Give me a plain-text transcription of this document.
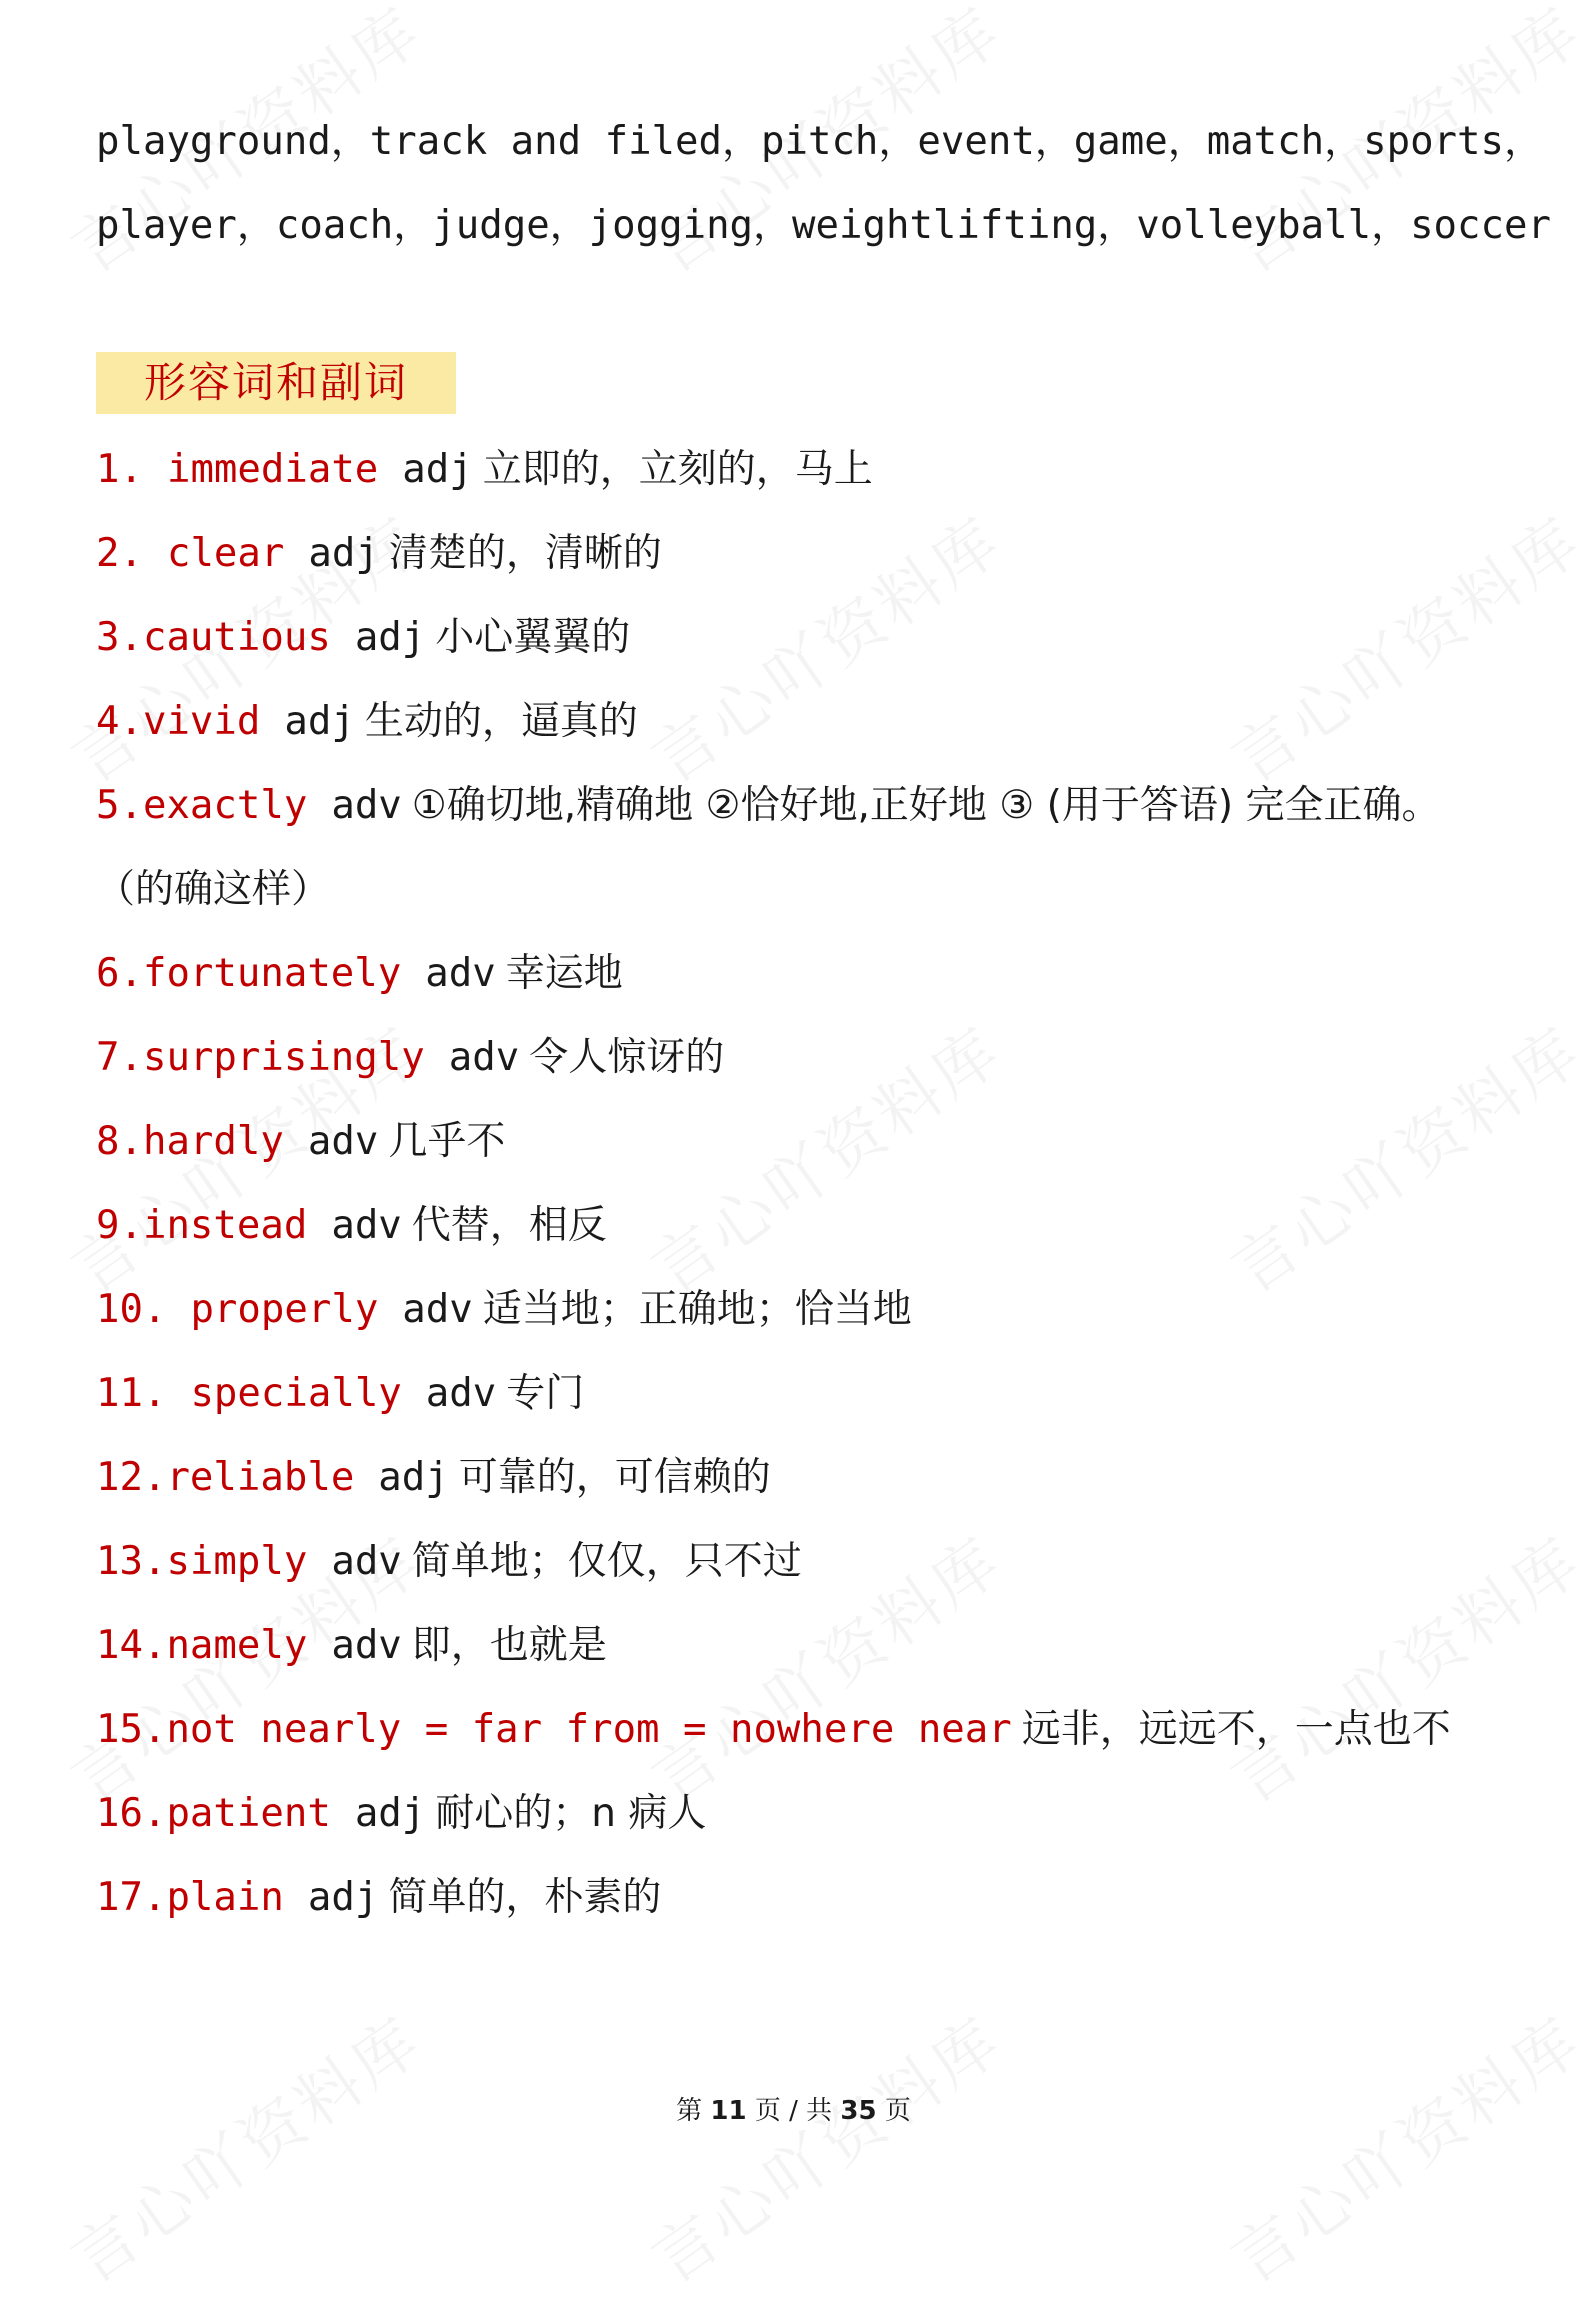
playground，track and filed，pitch，event，game，match，sports，
player，coach，judge，jogging，weightlifting，volleyball，soccer
形容词和副词
1. immediate adj 立即的，立刻的，马上
2. clear adj 清楚的，清晰的
3.cautious adj 小心翼翼的
4.vivid adj 生动的，逼真的
5.exactly adv ①确切地,精确地 ②恰好地,正好地 ③ (用于答语) 完全正确。（的确这样）
6.fortunately adv 幸运地
7.surprisingly adv 令人惊讶的
8.hardly adv 几乎不
9.instead adv 代替，相反
10. properly adv 适当地；正确地；恰当地
11. specially adv 专门
12.reliable adj 可靠的，可信赖的
13.simply adv 简单地；仅仅，只不过
14.namely adv 即，也就是
15.not nearly = far from = nowhere near 远非，远远不，一点也不
16.patient adj 耐心的；n 病人
17.plain adj 简单的，朴素的
第 11 页 / 共 35 页
